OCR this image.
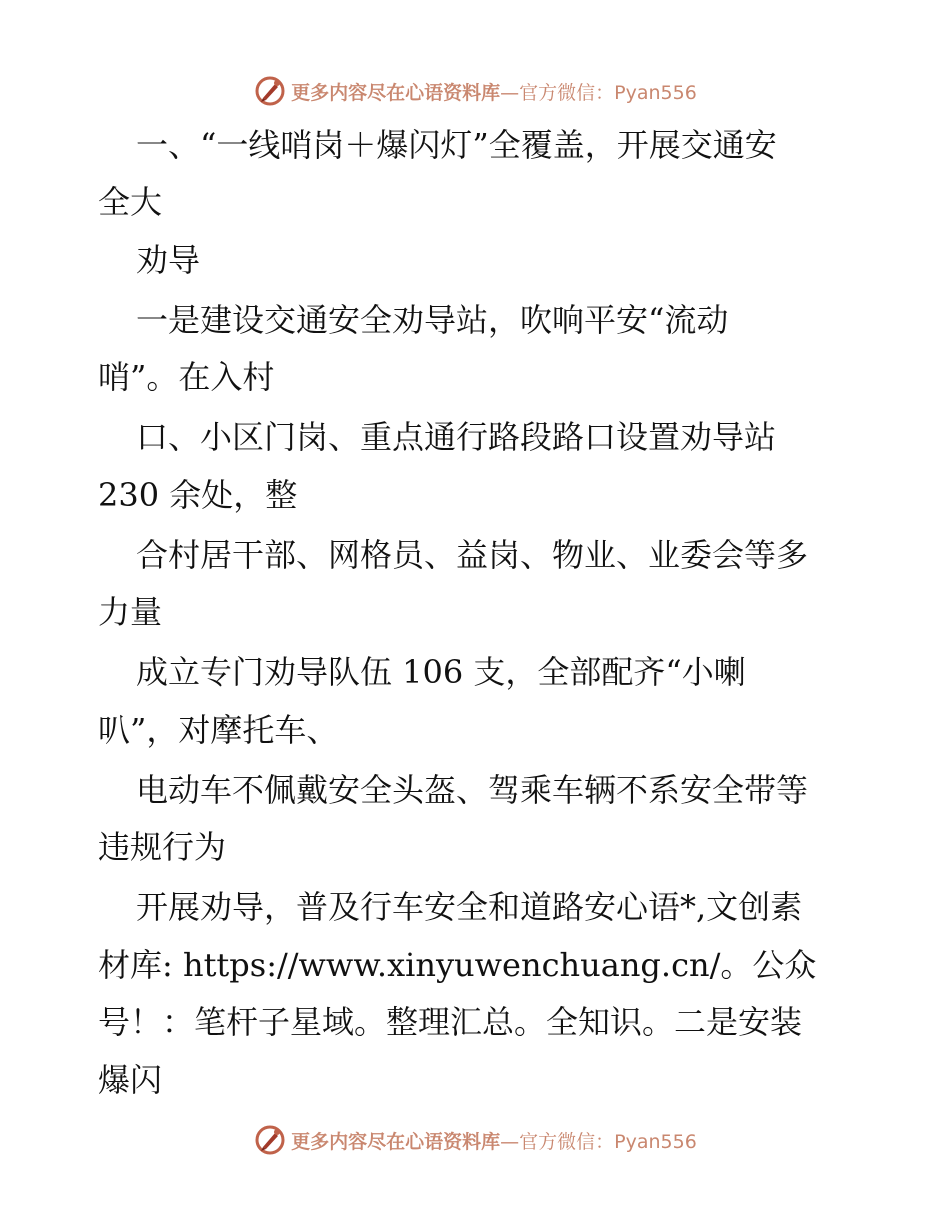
更多内容尽在心语资料库 —官方微信：Pyan556
一、“一线哨岗＋爆闪灯”全覆盖，开展交通安
全大
劝导
一是建设交通安全劝导站，吹响平安“流动
哨”。在入村
口、小区门岗、重点通行路段路口设置劝导站
230 余处，整
合村居干部、网格员、益岗、物业、业委会等多
力量
成立专门劝导队伍 106 支，全部配齐“小喇
叭”，对摩托车、
电动车不佩戴安全头盔、驾乘车辆不系安全带等
违规行为
开展劝导，普及行车安全和道路安心语*,文创素
材库: https://www.xinyuwenchuang.cn/。公众
号！：笔杆子星域。整理汇总。全知识。二是安装
爆闪
更多内容尽在心语资料库 —官方微信：Pyan556
